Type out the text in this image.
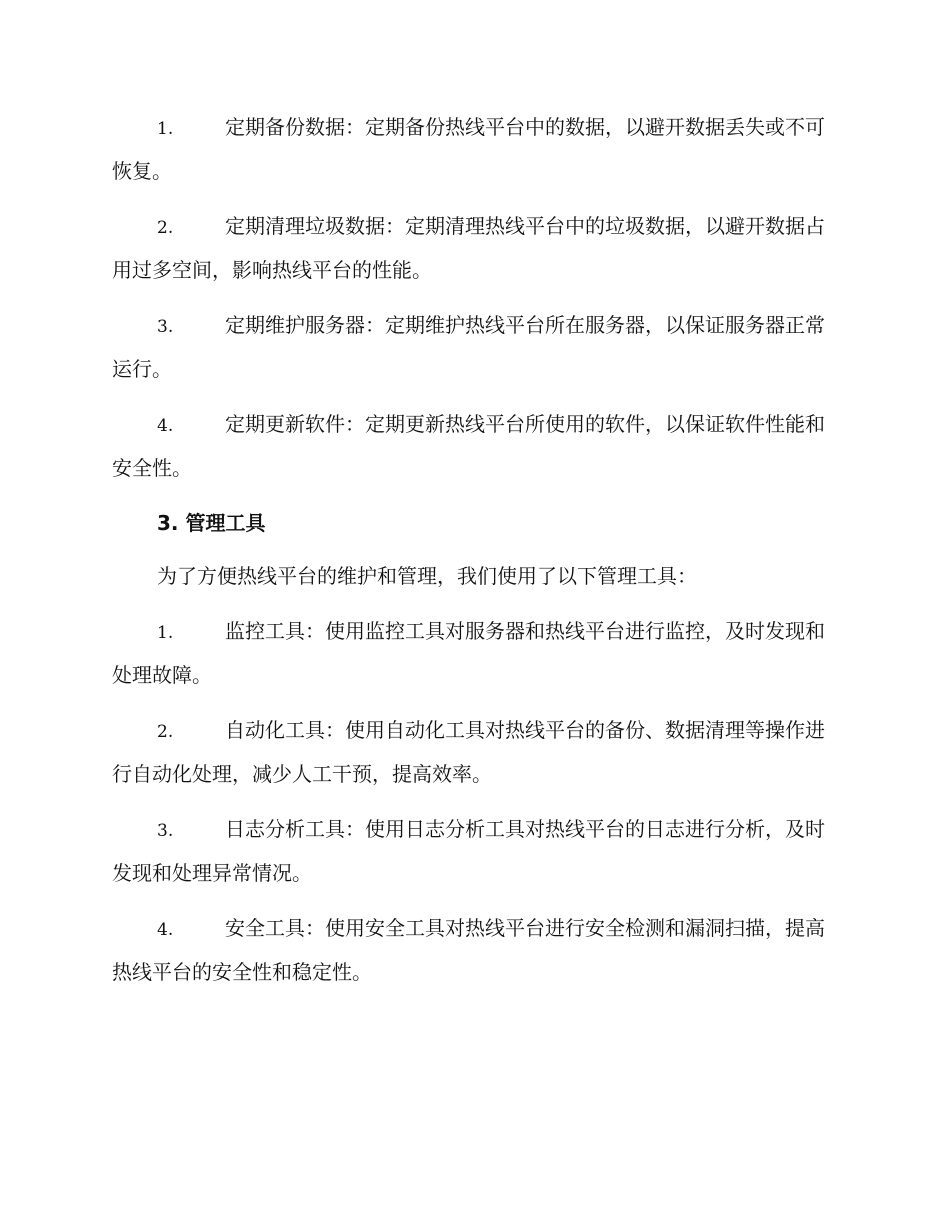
1.	定期备份数据：定期备份热线平台中的数据，以避开数据丢失或不可恢复。

2.	定期清理垃圾数据：定期清理热线平台中的垃圾数据，以避开数据占用过多空间，影响热线平台的性能。

3.	定期维护服务器：定期维护热线平台所在服务器，以保证服务器正常运行。

4.	定期更新软件：定期更新热线平台所使用的软件，以保证软件性能和安全性。

3. 管理工具

为了方便热线平台的维护和管理，我们使用了以下管理工具：

1.	监控工具：使用监控工具对服务器和热线平台进行监控，及时发现和处理故障。

2.	自动化工具：使用自动化工具对热线平台的备份、数据清理等操作进行自动化处理，减少人工干预，提高效率。

3.	日志分析工具：使用日志分析工具对热线平台的日志进行分析，及时发现和处理异常情况。

4.	安全工具：使用安全工具对热线平台进行安全检测和漏洞扫描，提高热线平台的安全性和稳定性。
